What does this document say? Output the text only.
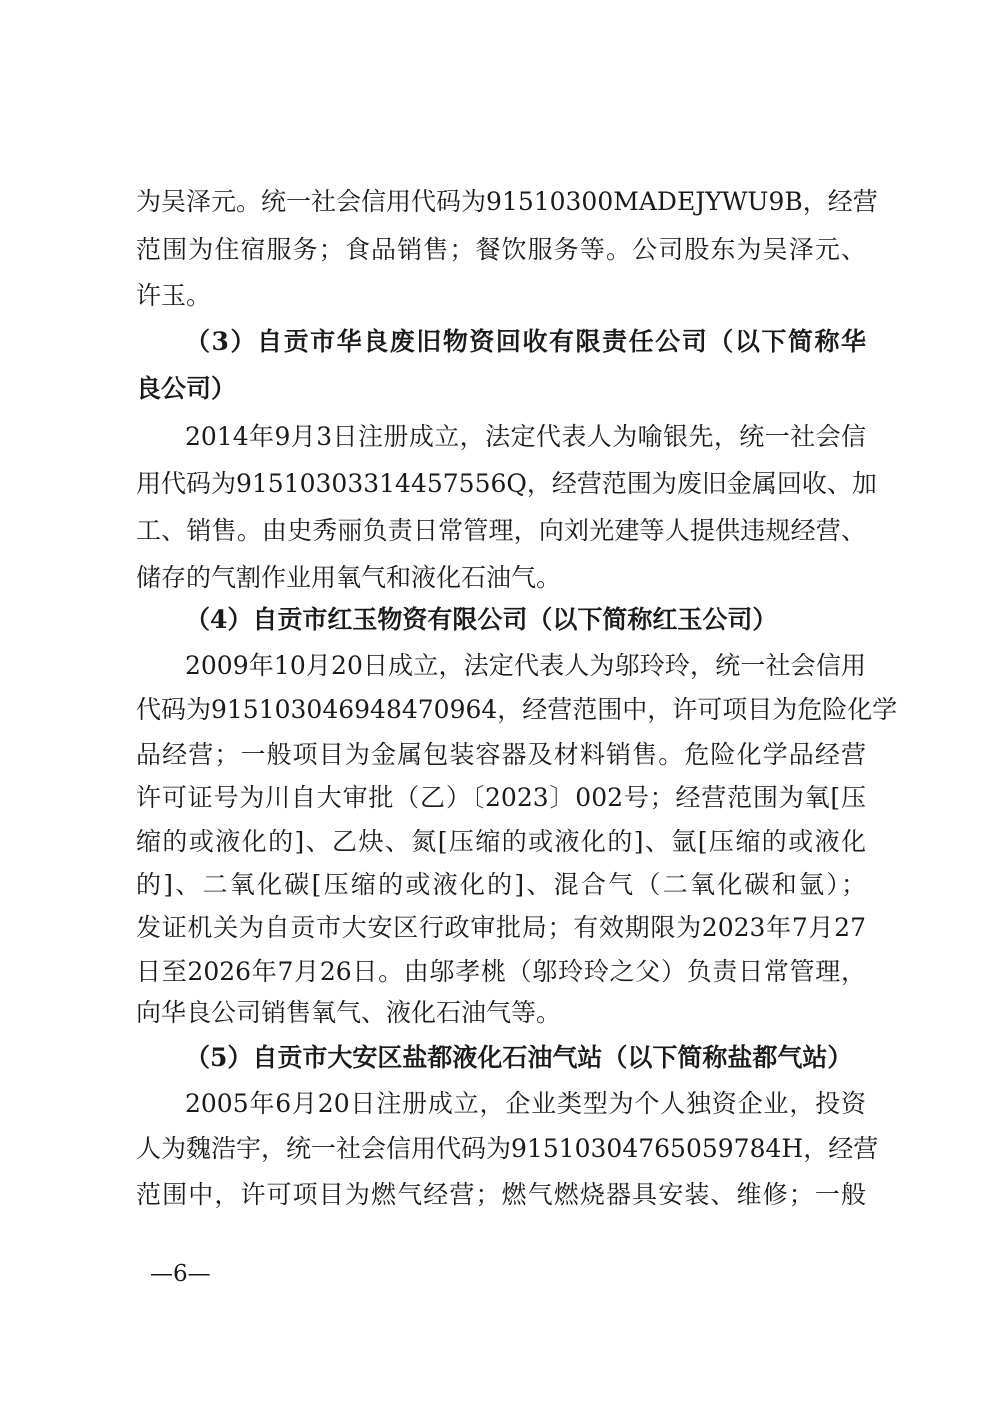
为吴泽元。统一社会信用代码为91510300MADEJYWU9B，经营
范围为住宿服务；食品销售；餐饮服务等。公司股东为吴泽元、
许玉。
（3）自贡市华良废旧物资回收有限责任公司（以下简称华
良公司）
2014年9月3日注册成立，法定代表人为喻银先，统一社会信
用代码为91510303314457556Q，经营范围为废旧金属回收、加
工、销售。由史秀丽负责日常管理，向刘光建等人提供违规经营、
储存的气割作业用氧气和液化石油气。
（4）自贡市红玉物资有限公司（以下简称红玉公司）
2009年10月20日成立，法定代表人为邬玲玲，统一社会信用
代码为915103046948470964，经营范围中，许可项目为危险化学
品经营；一般项目为金属包装容器及材料销售。危险化学品经营
许可证号为川自大审批（乙）〔2023〕002号；经营范围为氧[压
缩的或液化的]、乙炔、氮[压缩的或液化的]、氩[压缩的或液化
的]、二氧化碳[压缩的或液化的]、混合气（二氧化碳和氩）；
发证机关为自贡市大安区行政审批局；有效期限为2023年7月27
日至2026年7月26日。由邬孝桃（邬玲玲之父）负责日常管理，
向华良公司销售氧气、液化石油气等。
（5）自贡市大安区盐都液化石油气站（以下简称盐都气站）
2005年6月20日注册成立，企业类型为个人独资企业，投资
人为魏浩宇，统一社会信用代码为91510304765059784H，经营
范围中，许可项目为燃气经营；燃气燃烧器具安装、维修；一般
—6—
